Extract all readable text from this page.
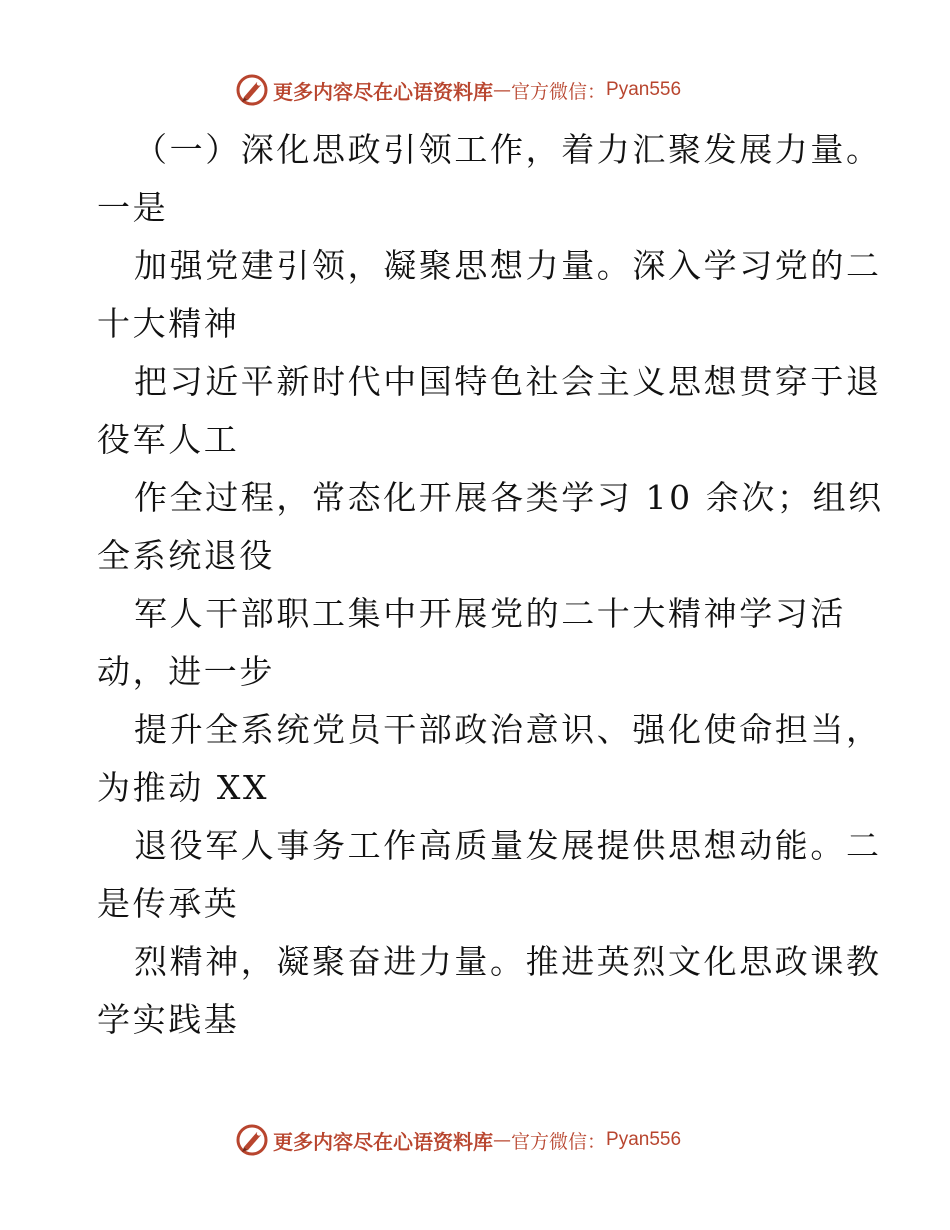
更多内容尽在心语资料库 — 官方微信： Pyan556
（一）深化思政引领工作，着力汇聚发展力量。
一是
加强党建引领，凝聚思想力量。深入学习党的二
十大精神
把习近平新时代中国特色社会主义思想贯穿于退
役军人工
作全过程，常态化开展各类学习 10 余次；组织
全系统退役
军人干部职工集中开展党的二十大精神学习活
动，进一步
提升全系统党员干部政治意识、强化使命担当，
为推动 XX
退役军人事务工作高质量发展提供思想动能。二
是传承英
烈精神，凝聚奋进力量。推进英烈文化思政课教
学实践基
更多内容尽在心语资料库 — 官方微信： Pyan556
